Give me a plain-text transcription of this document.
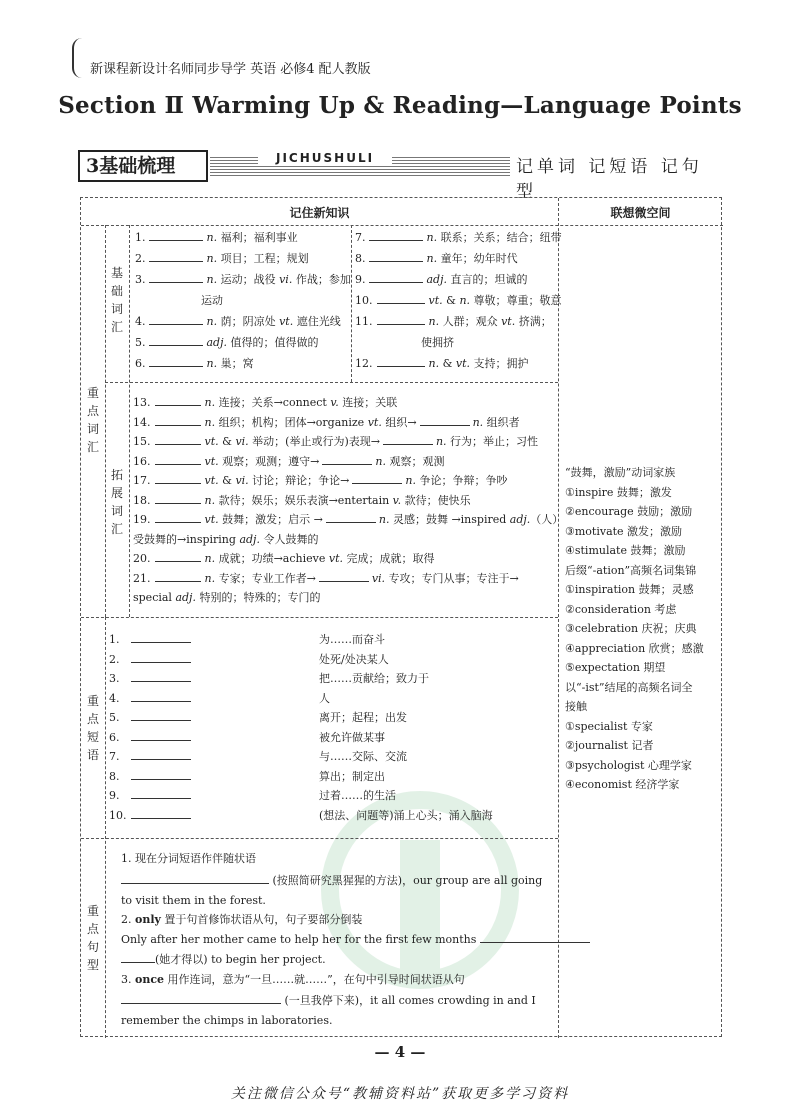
新课程新设计名师同步导学 英语 必修4 配人教版
Section Ⅱ Warming Up & Reading—Language Points
3基础梳理	JICHUSHULI	记单词 记短语 记句型
记住新知识	联想微空间
重点词汇
基础词汇
拓展词汇
1.	n. 福利；福利事业
2.	n. 项目；工程；规划
3.	n. 运动；战役 vi. 作战；参加
运动
4.	n. 荫；阴凉处 vt. 遮住光线
5.	adj. 值得的；值得做的
6.	n. 巢；窝
7.	n. 联系；关系；结合；纽带
8.	n. 童年；幼年时代
9.	adj. 直言的；坦诚的
10.	vt. & n. 尊敬；尊重；敬意
11.	n. 人群；观众 vt. 挤满；
使拥挤
12.	n. & vt. 支持；拥护
13.	n. 连接；关系→connect v. 连接；关联
14.	n. 组织；机构；团体→organize vt. 组织→	n. 组织者
15.	vt. & vi. 举动；(举止或行为)表现→	n. 行为；举止；习性
16.	vt. 观察；观测；遵守→	n. 观察；观测
17.	vt. & vi. 讨论；辩论；争论→	n. 争论；争辩；争吵
18.	n. 款待；娱乐；娱乐表演→entertain v. 款待；使快乐
19.	vt. 鼓舞；激发；启示 →	n. 灵感；鼓舞 →inspired adj.（人）
受鼓舞的→inspiring adj. 令人鼓舞的
20.	n. 成就；功绩→achieve vt. 完成；成就；取得
21.	n. 专家；专业工作者→	vi. 专攻；专门从事；专注于→
special adj. 特别的；特殊的；专门的
重点短语
1.	为……而奋斗
2.	处死/处决某人
3.	把……贡献给；致力于
4.	人
5.	离开；起程；出发
6.	被允许做某事
7.	与……交际、交流
8.	算出；制定出
9.	过着……的生活
10.	(想法、问题等)涌上心头；涌入脑海
重点句型
1. 现在分词短语作伴随状语
(按照简研究黑猩猩的方法)，our group are all going
to visit them in the forest.
2. only 置于句首修饰状语从句，句子要部分倒装
Only after her mother came to help her for the first few months
(她才得以) to begin her project.
3. once 用作连词，意为“一旦……就……”，在句中引导时间状语从句
(一旦我停下来)，it all comes crowding in and I
remember the chimps in laboratories.
“鼓舞，激励”动词家族
①inspire 鼓舞；激发
②encourage 鼓励；激励
③motivate 激发；激励
④stimulate 鼓舞；激励
后缀“-ation”高频名词集锦
①inspiration 鼓舞；灵感
②consideration 考虑
③celebration 庆祝；庆典
④appreciation 欣赏；感激
⑤expectation 期望
以“-ist”结尾的高频名词全
接触
①specialist 专家
②journalist 记者
③psychologist 心理学家
④economist 经济学家
— 4 —
关注微信公众号“教辅资料站”获取更多学习资料
